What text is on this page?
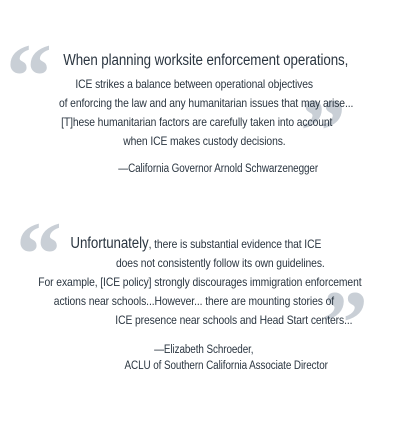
“
”
“
”
When planning worksite enforcement operations,
ICE strikes a balance between operational objectives
of enforcing the law and any humanitarian issues that may arise...
[T]hese humanitarian factors are carefully taken into account
when ICE makes custody decisions.
—California Governor Arnold Schwarzenegger
Unfortunately, there is substantial evidence that ICE
does not consistently follow its own guidelines.
For example, [ICE policy] strongly discourages immigration enforcement
actions near schools...However... there are mounting stories of
ICE presence near schools and Head Start centers...
—Elizabeth Schroeder,
ACLU of Southern California Associate Director
